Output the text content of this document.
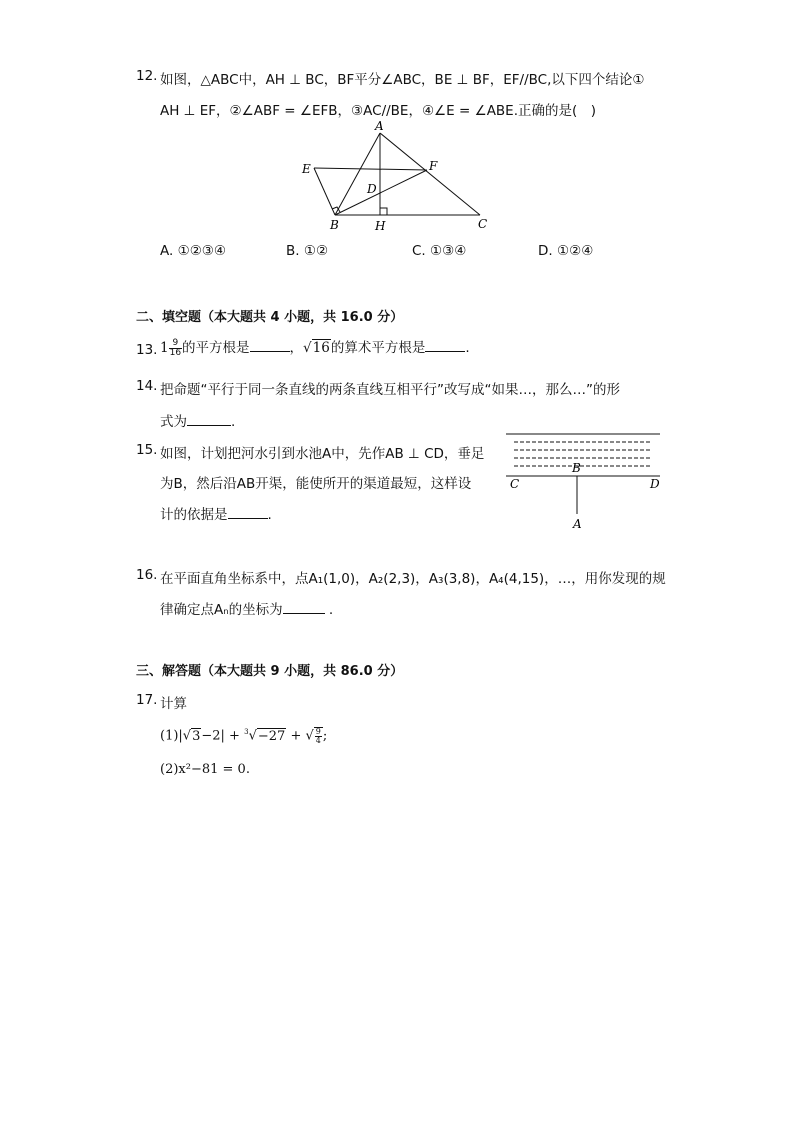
12. 如图，△ABC中，AH ⊥ BC，BF平分∠ABC，BE ⊥ BF，EF//BC,以下四个结论①
AH ⊥ EF，②∠ABF = ∠EFB，③AC//BE，④∠E = ∠ABE.正确的是(　)
A
E	F
D
B	H	C
A. ①②③④	B. ①②	C. ①③④	D. ①②④
二、填空题（本大题共 4 小题，共 16.0 分）
13. $1 \frac{9}{16}$ 的平方根是	，√16的算术平方根是	.
14. 把命题“平行于同一条直线的两条直线互相平行”改写成“如果…，那么…”的形
式为	.
15. 如图，计划把河水引到水池A中，先作AB ⊥ CD，垂足
为B，然后沿AB开渠，能使所开的渠道最短，这样设
计的依据是	.
B
C	D
A
16. 在平面直角坐标系中，点A₁(1,0)，A₂(2,3)，A₃(3,8)，A₄(4,15)，…，用你发现的规
律确定点Aₙ的坐标为	.
三、解答题（本大题共 9 小题，共 86.0 分）
17. 计算
(1)|√3−2| + $^3$√−27 + √ $\frac{9}{4}$ ;
(2)x²−81 = 0.
